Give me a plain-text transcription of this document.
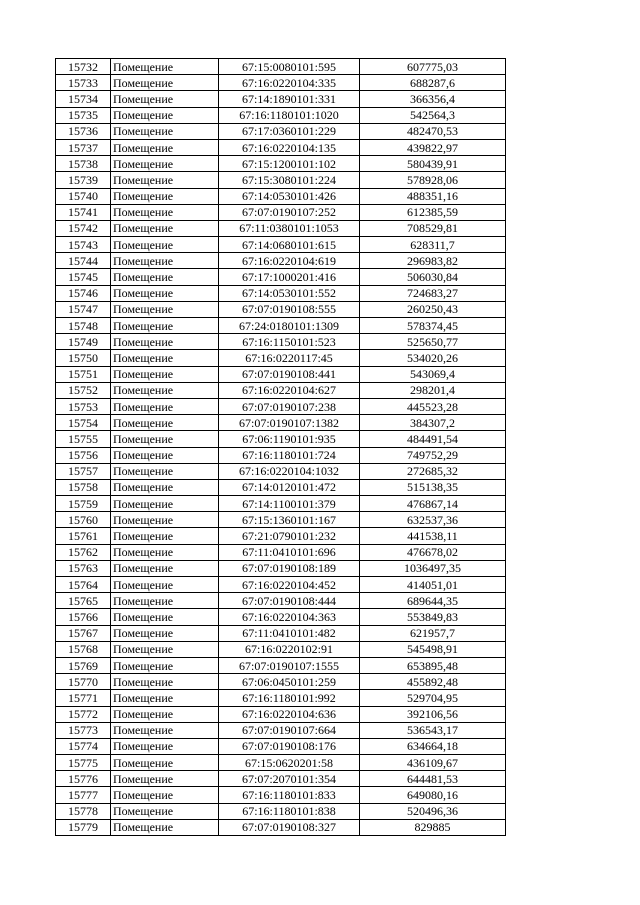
15732	Помещение	67:15:0080101:595	607775,03
15733	Помещение	67:16:0220104:335	688287,6
15734	Помещение	67:14:1890101:331	366356,4
15735	Помещение	67:16:1180101:1020	542564,3
15736	Помещение	67:17:0360101:229	482470,53
15737	Помещение	67:16:0220104:135	439822,97
15738	Помещение	67:15:1200101:102	580439,91
15739	Помещение	67:15:3080101:224	578928,06
15740	Помещение	67:14:0530101:426	488351,16
15741	Помещение	67:07:0190107:252	612385,59
15742	Помещение	67:11:0380101:1053	708529,81
15743	Помещение	67:14:0680101:615	628311,7
15744	Помещение	67:16:0220104:619	296983,82
15745	Помещение	67:17:1000201:416	506030,84
15746	Помещение	67:14:0530101:552	724683,27
15747	Помещение	67:07:0190108:555	260250,43
15748	Помещение	67:24:0180101:1309	578374,45
15749	Помещение	67:16:1150101:523	525650,77
15750	Помещение	67:16:0220117:45	534020,26
15751	Помещение	67:07:0190108:441	543069,4
15752	Помещение	67:16:0220104:627	298201,4
15753	Помещение	67:07:0190107:238	445523,28
15754	Помещение	67:07:0190107:1382	384307,2
15755	Помещение	67:06:1190101:935	484491,54
15756	Помещение	67:16:1180101:724	749752,29
15757	Помещение	67:16:0220104:1032	272685,32
15758	Помещение	67:14:0120101:472	515138,35
15759	Помещение	67:14:1100101:379	476867,14
15760	Помещение	67:15:1360101:167	632537,36
15761	Помещение	67:21:0790101:232	441538,11
15762	Помещение	67:11:0410101:696	476678,02
15763	Помещение	67:07:0190108:189	1036497,35
15764	Помещение	67:16:0220104:452	414051,01
15765	Помещение	67:07:0190108:444	689644,35
15766	Помещение	67:16:0220104:363	553849,83
15767	Помещение	67:11:0410101:482	621957,7
15768	Помещение	67:16:0220102:91	545498,91
15769	Помещение	67:07:0190107:1555	653895,48
15770	Помещение	67:06:0450101:259	455892,48
15771	Помещение	67:16:1180101:992	529704,95
15772	Помещение	67:16:0220104:636	392106,56
15773	Помещение	67:07:0190107:664	536543,17
15774	Помещение	67:07:0190108:176	634664,18
15775	Помещение	67:15:0620201:58	436109,67
15776	Помещение	67:07:2070101:354	644481,53
15777	Помещение	67:16:1180101:833	649080,16
15778	Помещение	67:16:1180101:838	520496,36
15779	Помещение	67:07:0190108:327	829885
